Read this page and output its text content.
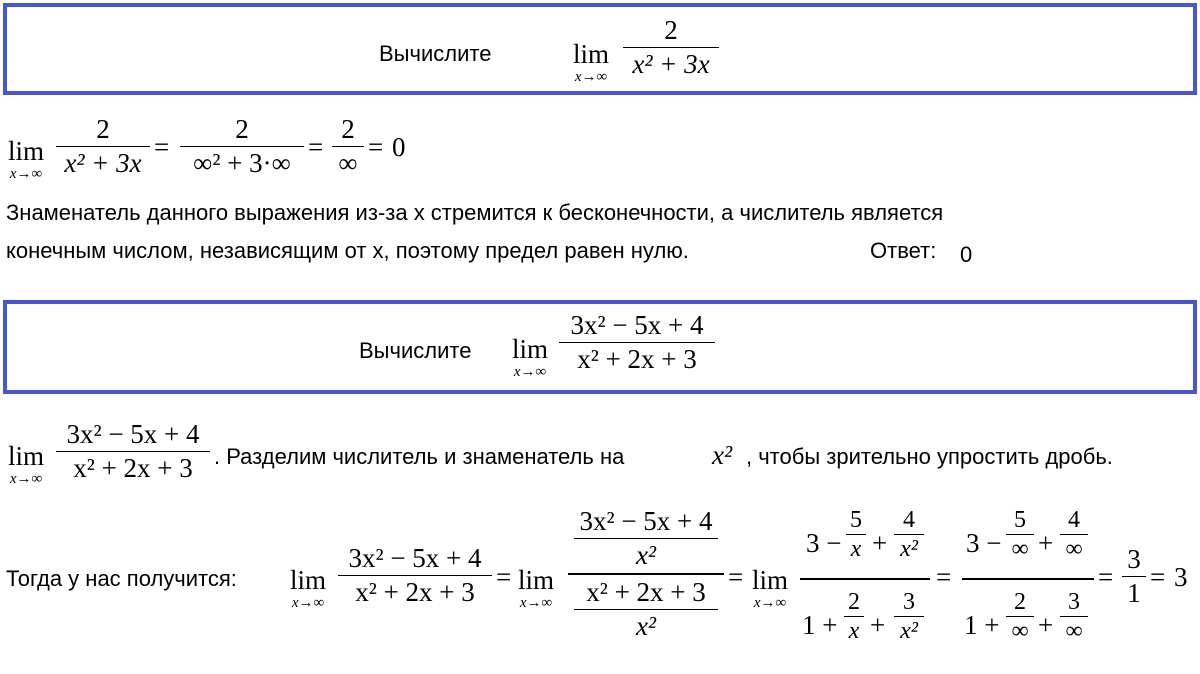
Вычислите	lim
x→∞
2
x² + 3x
lim
x→∞
2
x² + 3x
=
2
∞² + 3·∞
=
2
∞
= 0
Знаменатель данного выражения из-за x стремится к бесконечности, а числитель является
конечным числом, незавиcящим от x, поэтому предел равен нулю.	Ответ: 0
Вычислите lim
x→∞
3x² − 5x + 4
x² + 2x + 3
lim
x→∞
3x² − 5x + 4
x² + 2x + 3 . Разделим числитель и знаменатель на	x² , чтобы зрительно упростить дробь.
Тогда у нас получится: lim
x→∞
3x² − 5x + 4
x² + 2x + 3 = lim
x→∞
3x² − 5x + 4
x²
x² + 2x + 3
x²
= lim
x→∞
3 −
5
x +
4
x²
1 +
2
x +
3
x²
=
3 −
5
∞ +
4
∞
1 +
2
∞ +
3
∞
=
3
1
= 3
